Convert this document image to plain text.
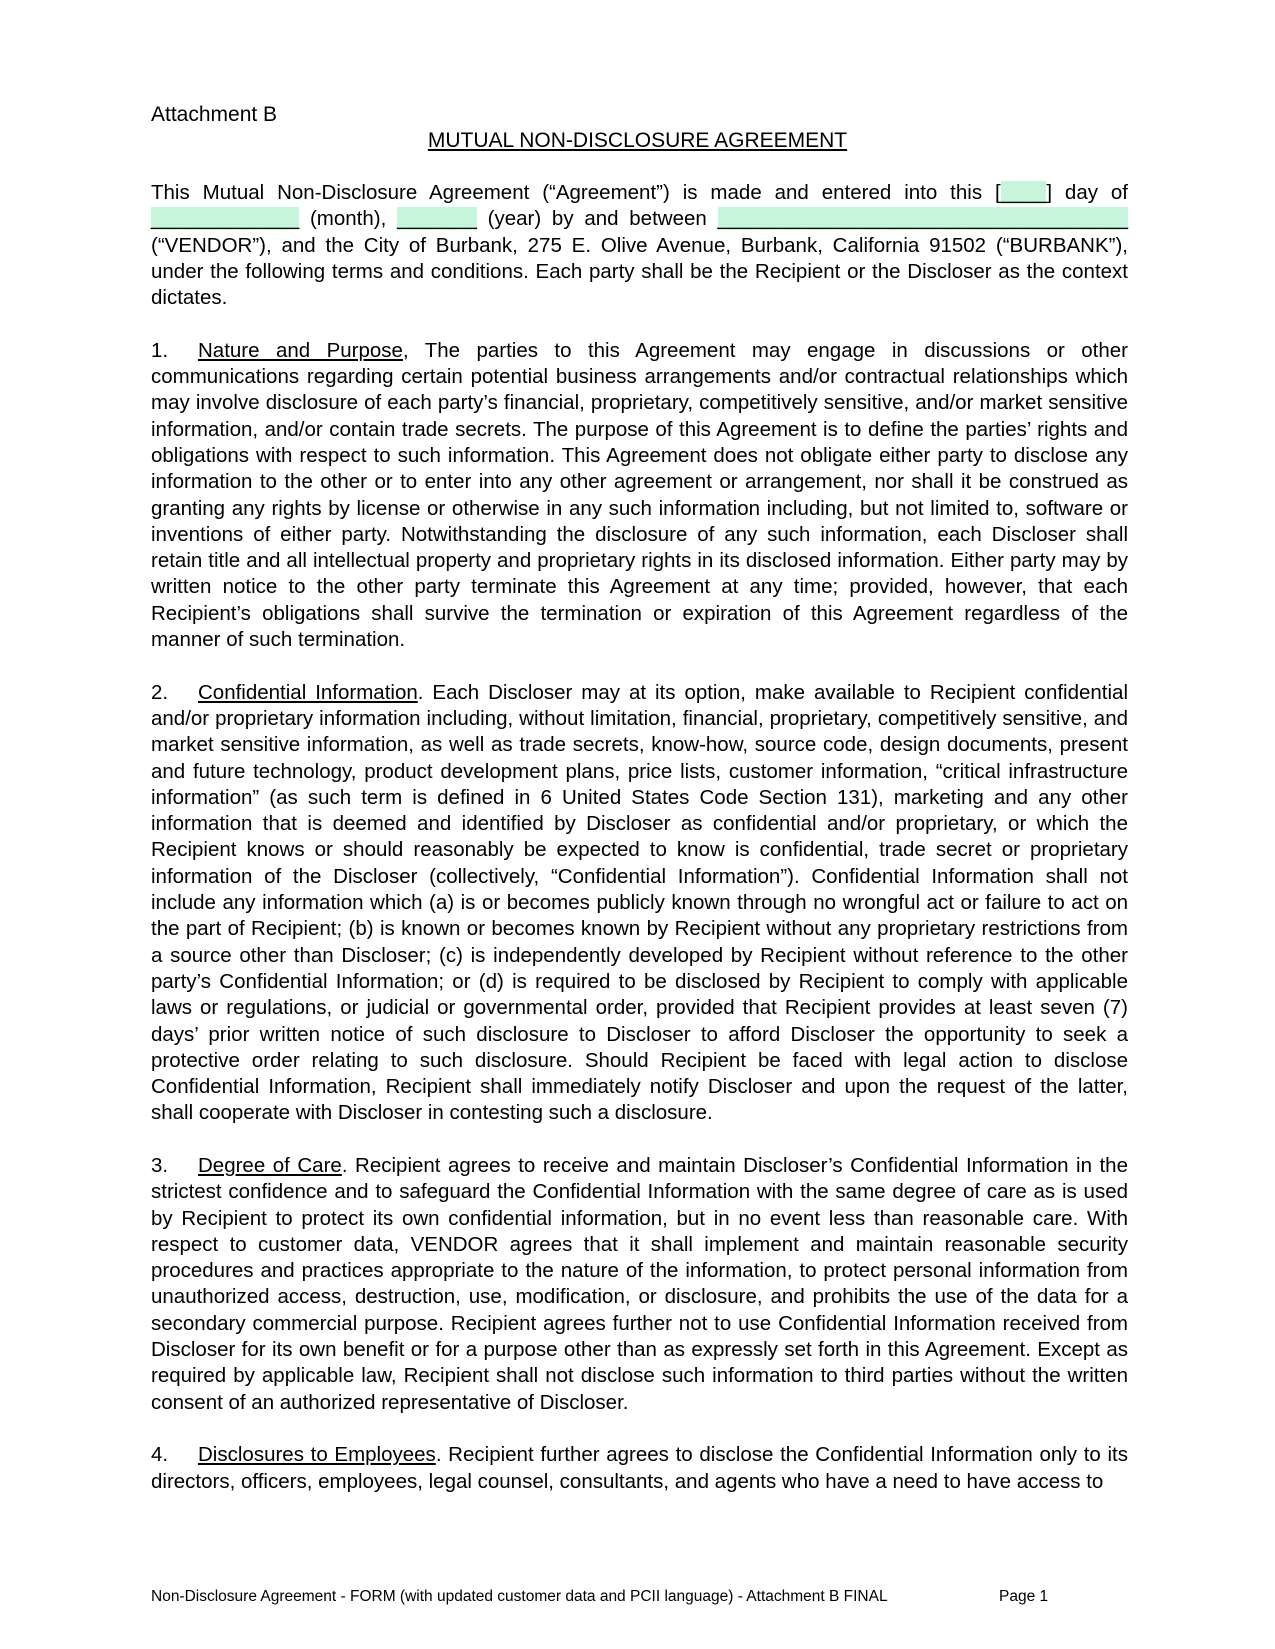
Attachment B
MUTUAL NON-DISCLOSURE AGREEMENT

This Mutual Non-Disclosure Agreement (“Agreement”) is made and entered into this [____] day of _____________ (month), _______ (year) by and between ____________________________________ (“VENDOR”), and the City of Burbank, 275 E. Olive Avenue, Burbank, California 91502 (“BURBANK”), under the following terms and conditions. Each party shall be the Recipient or the Discloser as the context dictates.

1. Nature and Purpose, The parties to this Agreement may engage in discussions or other communications regarding certain potential business arrangements and/or contractual relationships which may involve disclosure of each party’s financial, proprietary, competitively sensitive, and/or market sensitive information, and/or contain trade secrets. The purpose of this Agreement is to define the parties’ rights and obligations with respect to such information. This Agreement does not obligate either party to disclose any information to the other or to enter into any other agreement or arrangement, nor shall it be construed as granting any rights by license or otherwise in any such information including, but not limited to, software or inventions of either party. Notwithstanding the disclosure of any such information, each Discloser shall retain title and all intellectual property and proprietary rights in its disclosed information. Either party may by written notice to the other party terminate this Agreement at any time; provided, however, that each Recipient’s obligations shall survive the termination or expiration of this Agreement regardless of the manner of such termination.

2. Confidential Information. Each Discloser may at its option, make available to Recipient confidential and/or proprietary information including, without limitation, financial, proprietary, competitively sensitive, and market sensitive information, as well as trade secrets, know-how, source code, design documents, present and future technology, product development plans, price lists, customer information, “critical infrastructure information” (as such term is defined in 6 United States Code Section 131), marketing and any other information that is deemed and identified by Discloser as confidential and/or proprietary, or which the Recipient knows or should reasonably be expected to know is confidential, trade secret or proprietary information of the Discloser (collectively, “Confidential Information”). Confidential Information shall not include any information which (a) is or becomes publicly known through no wrongful act or failure to act on the part of Recipient; (b) is known or becomes known by Recipient without any proprietary restrictions from a source other than Discloser; (c) is independently developed by Recipient without reference to the other party’s Confidential Information; or (d) is required to be disclosed by Recipient to comply with applicable laws or regulations, or judicial or governmental order, provided that Recipient provides at least seven (7) days’ prior written notice of such disclosure to Discloser to afford Discloser the opportunity to seek a protective order relating to such disclosure. Should Recipient be faced with legal action to disclose Confidential Information, Recipient shall immediately notify Discloser and upon the request of the latter, shall cooperate with Discloser in contesting such a disclosure.

3. Degree of Care. Recipient agrees to receive and maintain Discloser’s Confidential Information in the strictest confidence and to safeguard the Confidential Information with the same degree of care as is used by Recipient to protect its own confidential information, but in no event less than reasonable care. With respect to customer data, VENDOR agrees that it shall implement and maintain reasonable security procedures and practices appropriate to the nature of the information, to protect personal information from unauthorized access, destruction, use, modification, or disclosure, and prohibits the use of the data for a secondary commercial purpose. Recipient agrees further not to use Confidential Information received from Discloser for its own benefit or for a purpose other than as expressly set forth in this Agreement. Except as required by applicable law, Recipient shall not disclose such information to third parties without the written consent of an authorized representative of Discloser.

4. Disclosures to Employees. Recipient further agrees to disclose the Confidential Information only to its directors, officers, employees, legal counsel, consultants, and agents who have a need to have access to

Non-Disclosure Agreement - FORM (with updated customer data and PCII language) - Attachment B FINAL	Page 1
